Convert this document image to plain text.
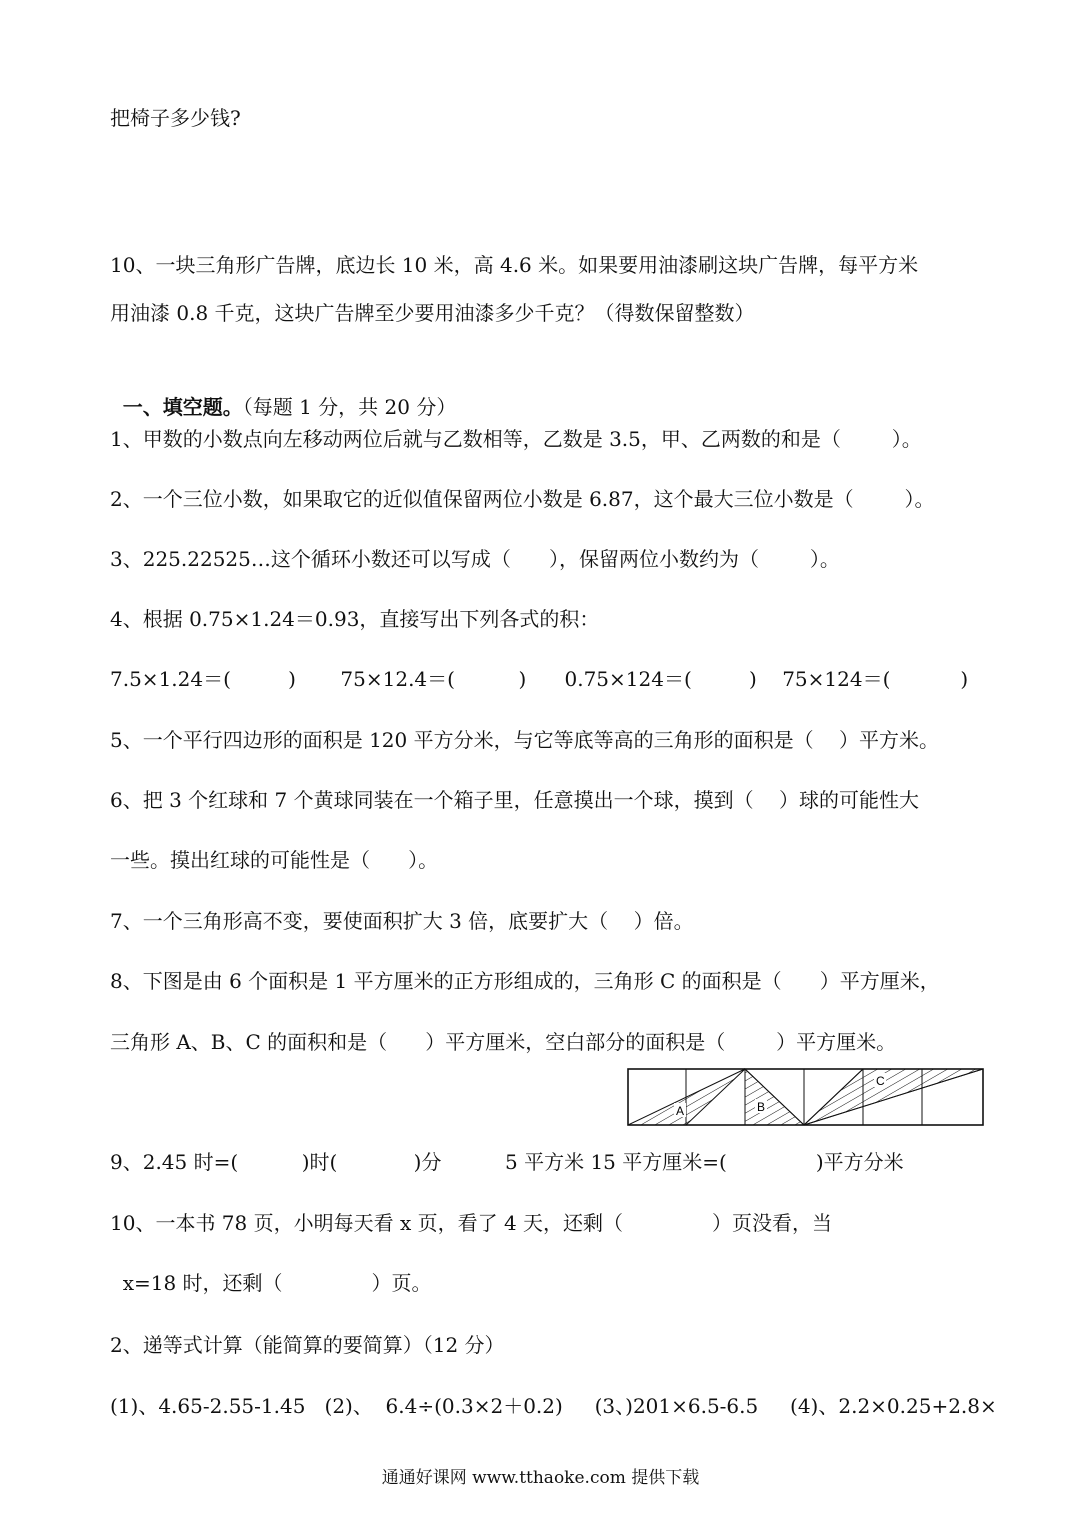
把椅子多少钱?
10、一块三角形广告牌，底边长 10 米，高 4.6 米。如果要用油漆刷这块广告牌，每平方米
用油漆 0.8 千克，这块广告牌至少要用油漆多少千克？（得数保留整数）

一、填空题。（每题 1 分，共 20 分）

1、甲数的小数点向左移动两位后就与乙数相等，乙数是 3.5，甲、乙两数的和是（        ）。
2、一个三位小数，如果取它的近似值保留两位小数是 6.87，这个最大三位小数是（        ）。
3、225.22525…这个循环小数还可以写成（      ），保留两位小数约为（        ）。
4、根据 0.75×1.24＝0.93，直接写出下列各式的积：
7.5×1.24＝(         )       75×12.4＝(          )      0.75×124＝(         )    75×124＝(           )
5、一个平行四边形的面积是 120 平方分米，与它等底等高的三角形的面积是（    ）平方米。
6、把 3 个红球和 7 个黄球同装在一个箱子里，任意摸出一个球，摸到（    ）球的可能性大
一些。摸出红球的可能性是（      ）。
7、一个三角形高不变，要使面积扩大 3 倍，底要扩大（    ）倍。
8、下图是由 6 个面积是 1 平方厘米的正方形组成的，三角形 C 的面积是（      ）平方厘米，
三角形 A、B、C 的面积和是（      ）平方厘米，空白部分的面积是（        ）平方厘米。
A	B
C
9、2.45 时=(          )时(            )分          5 平方米 15 平方厘米=(              )平方分米
10、一本书 78 页，小明每天看 x 页，看了 4 天，还剩（              ）页没看，当
x=18 时，还剩（              ）页。
2、递等式计算（能简算的要简算）（12 分）
(1)、4.65-2.55-1.45   (2)、  6.4÷(0.3×2＋0.2)     (3、)201×6.5-6.5     (4)、2.2×0.25+2.8×
通通好课网 www.tthaoke.com 提供下载
